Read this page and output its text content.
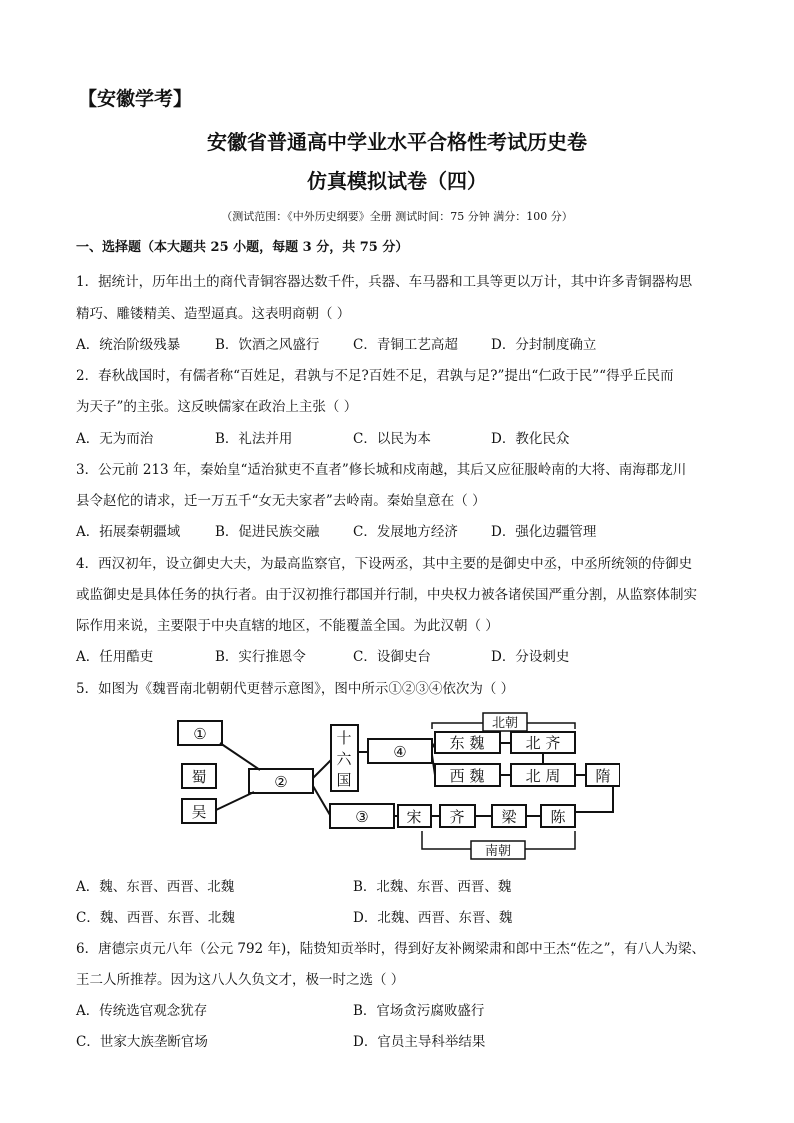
【安徽学考】
安徽省普通高中学业水平合格性考试历史卷
仿真模拟试卷（四）
（测试范围：《中外历史纲要》全册 测试时间：75 分钟 满分：100 分）
一、选择题（本大题共 25 小题，每题 3 分，共 75 分）
1．据统计，历年出土的商代青铜容器达数千件，兵器、车马器和工具等更以万计，其中许多青铜器构思
精巧、雕镂精美、造型逼真。这表明商朝（ ）
A．统治阶级残暴	B．饮酒之风盛行 C．青铜工艺高超 D．分封制度确立
2．春秋战国时，有儒者称“百姓足，君孰与不足?百姓不足，君孰与足?”提出“仁政于民”“得乎丘民而
为天子”的主张。这反映儒家在政治上主张（ ）
A．无为而治	B．礼法并用	C．以民为本	D．教化民众
3．公元前 213 年，秦始皇“适治狱吏不直者”修长城和戍南越，其后又应征服岭南的大将、南海郡龙川
县令赵佗的请求，迁一万五千“女无夫家者”去岭南。秦始皇意在（ ）
A．拓展秦朝疆域	B．促进民族交融 C．发展地方经济 D．强化边疆管理
4．西汉初年，设立御史大夫，为最高监察官，下设两丞，其中主要的是御史中丞，中丞所统领的侍御史
或监御史是具体任务的执行者。由于汉初推行郡国并行制，中央权力被各诸侯国严重分割，从监察体制实
际作用来说，主要限于中央直辖的地区，不能覆盖全国。为此汉朝（ ）
A．任用酷吏	B．实行推恩令	C．设御史台	D．分设刺史
5．如图为《魏晋南北朝朝代更替示意图》，图中所示①②③④依次为（ ）
①
蜀
吴
②
十
六
国
④
③
东 魏	北 齐
西 魏	北 周 隋
宋 齐 梁 陈
北朝
南朝
A．魏、东晋、西晋、北魏	B．北魏、东晋、西晋、魏
C．魏、西晋、东晋、北魏	D．北魏、西晋、东晋、魏
6．唐德宗贞元八年（公元 792 年)，陆贽知贡举时，得到好友补阙梁肃和郎中王杰“佐之”，有八人为梁、
王二人所推荐。因为这八人久负文才，极一时之选（ ）
A．传统选官观念犹存	B．官场贪污腐败盛行
C．世家大族垄断官场	D．官员主导科举结果
